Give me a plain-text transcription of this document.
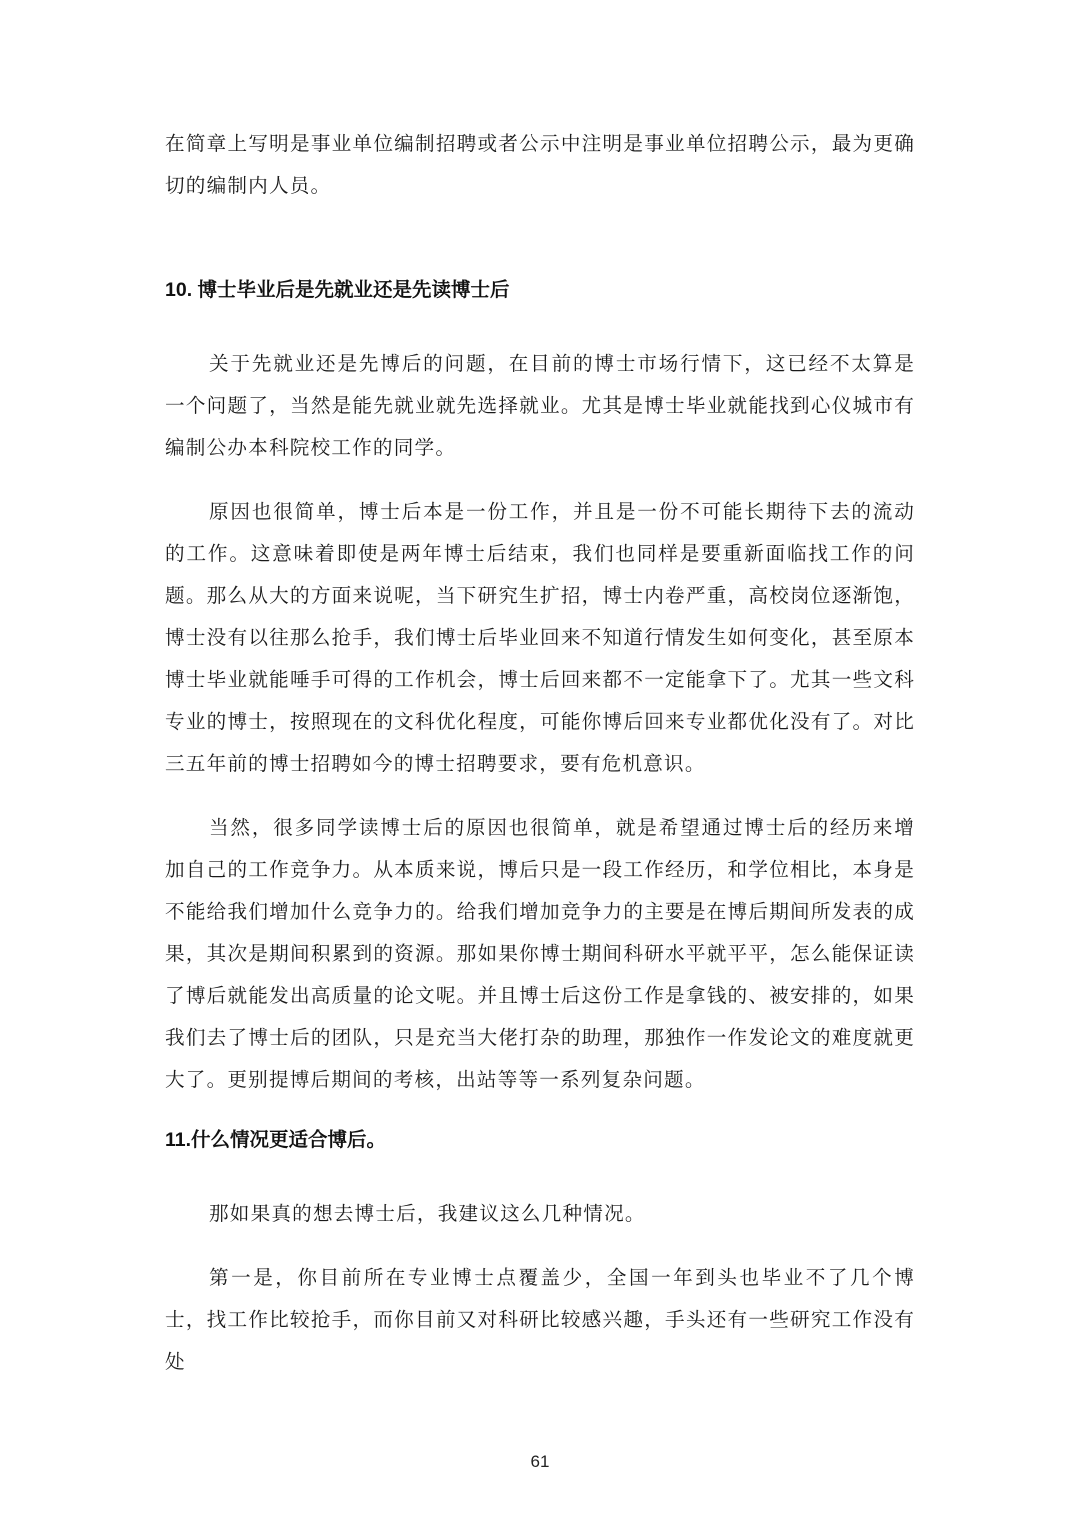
在简章上写明是事业单位编制招聘或者公示中注明是事业单位招聘公示，最为更确切的编制内人员。

10. 博士毕业后是先就业还是先读博士后

关于先就业还是先博后的问题，在目前的博士市场行情下，这已经不太算是一个问题了，当然是能先就业就先选择就业。尤其是博士毕业就能找到心仪城市有编制公办本科院校工作的同学。

原因也很简单，博士后本是一份工作，并且是一份不可能长期待下去的流动的工作。这意味着即使是两年博士后结束，我们也同样是要重新面临找工作的问题。那么从大的方面来说呢，当下研究生扩招，博士内卷严重，高校岗位逐渐饱，博士没有以往那么抢手，我们博士后毕业回来不知道行情发生如何变化，甚至原本博士毕业就能唾手可得的工作机会，博士后回来都不一定能拿下了。尤其一些文科专业的博士，按照现在的文科优化程度，可能你博后回来专业都优化没有了。对比三五年前的博士招聘如今的博士招聘要求，要有危机意识。

当然，很多同学读博士后的原因也很简单，就是希望通过博士后的经历来增加自己的工作竞争力。从本质来说，博后只是一段工作经历，和学位相比，本身是不能给我们增加什么竞争力的。给我们增加竞争力的主要是在博后期间所发表的成果，其次是期间积累到的资源。那如果你博士期间科研水平就平平，怎么能保证读了博后就能发出高质量的论文呢。并且博士后这份工作是拿钱的、被安排的，如果我们去了博士后的团队，只是充当大佬打杂的助理，那独作一作发论文的难度就更大了。更别提博后期间的考核，出站等等一系列复杂问题。

11.什么情况更适合博后。

那如果真的想去博士后，我建议这么几种情况。

第一是，你目前所在专业博士点覆盖少，全国一年到头也毕业不了几个博士，找工作比较抢手，而你目前又对科研比较感兴趣，手头还有一些研究工作没有处

61
